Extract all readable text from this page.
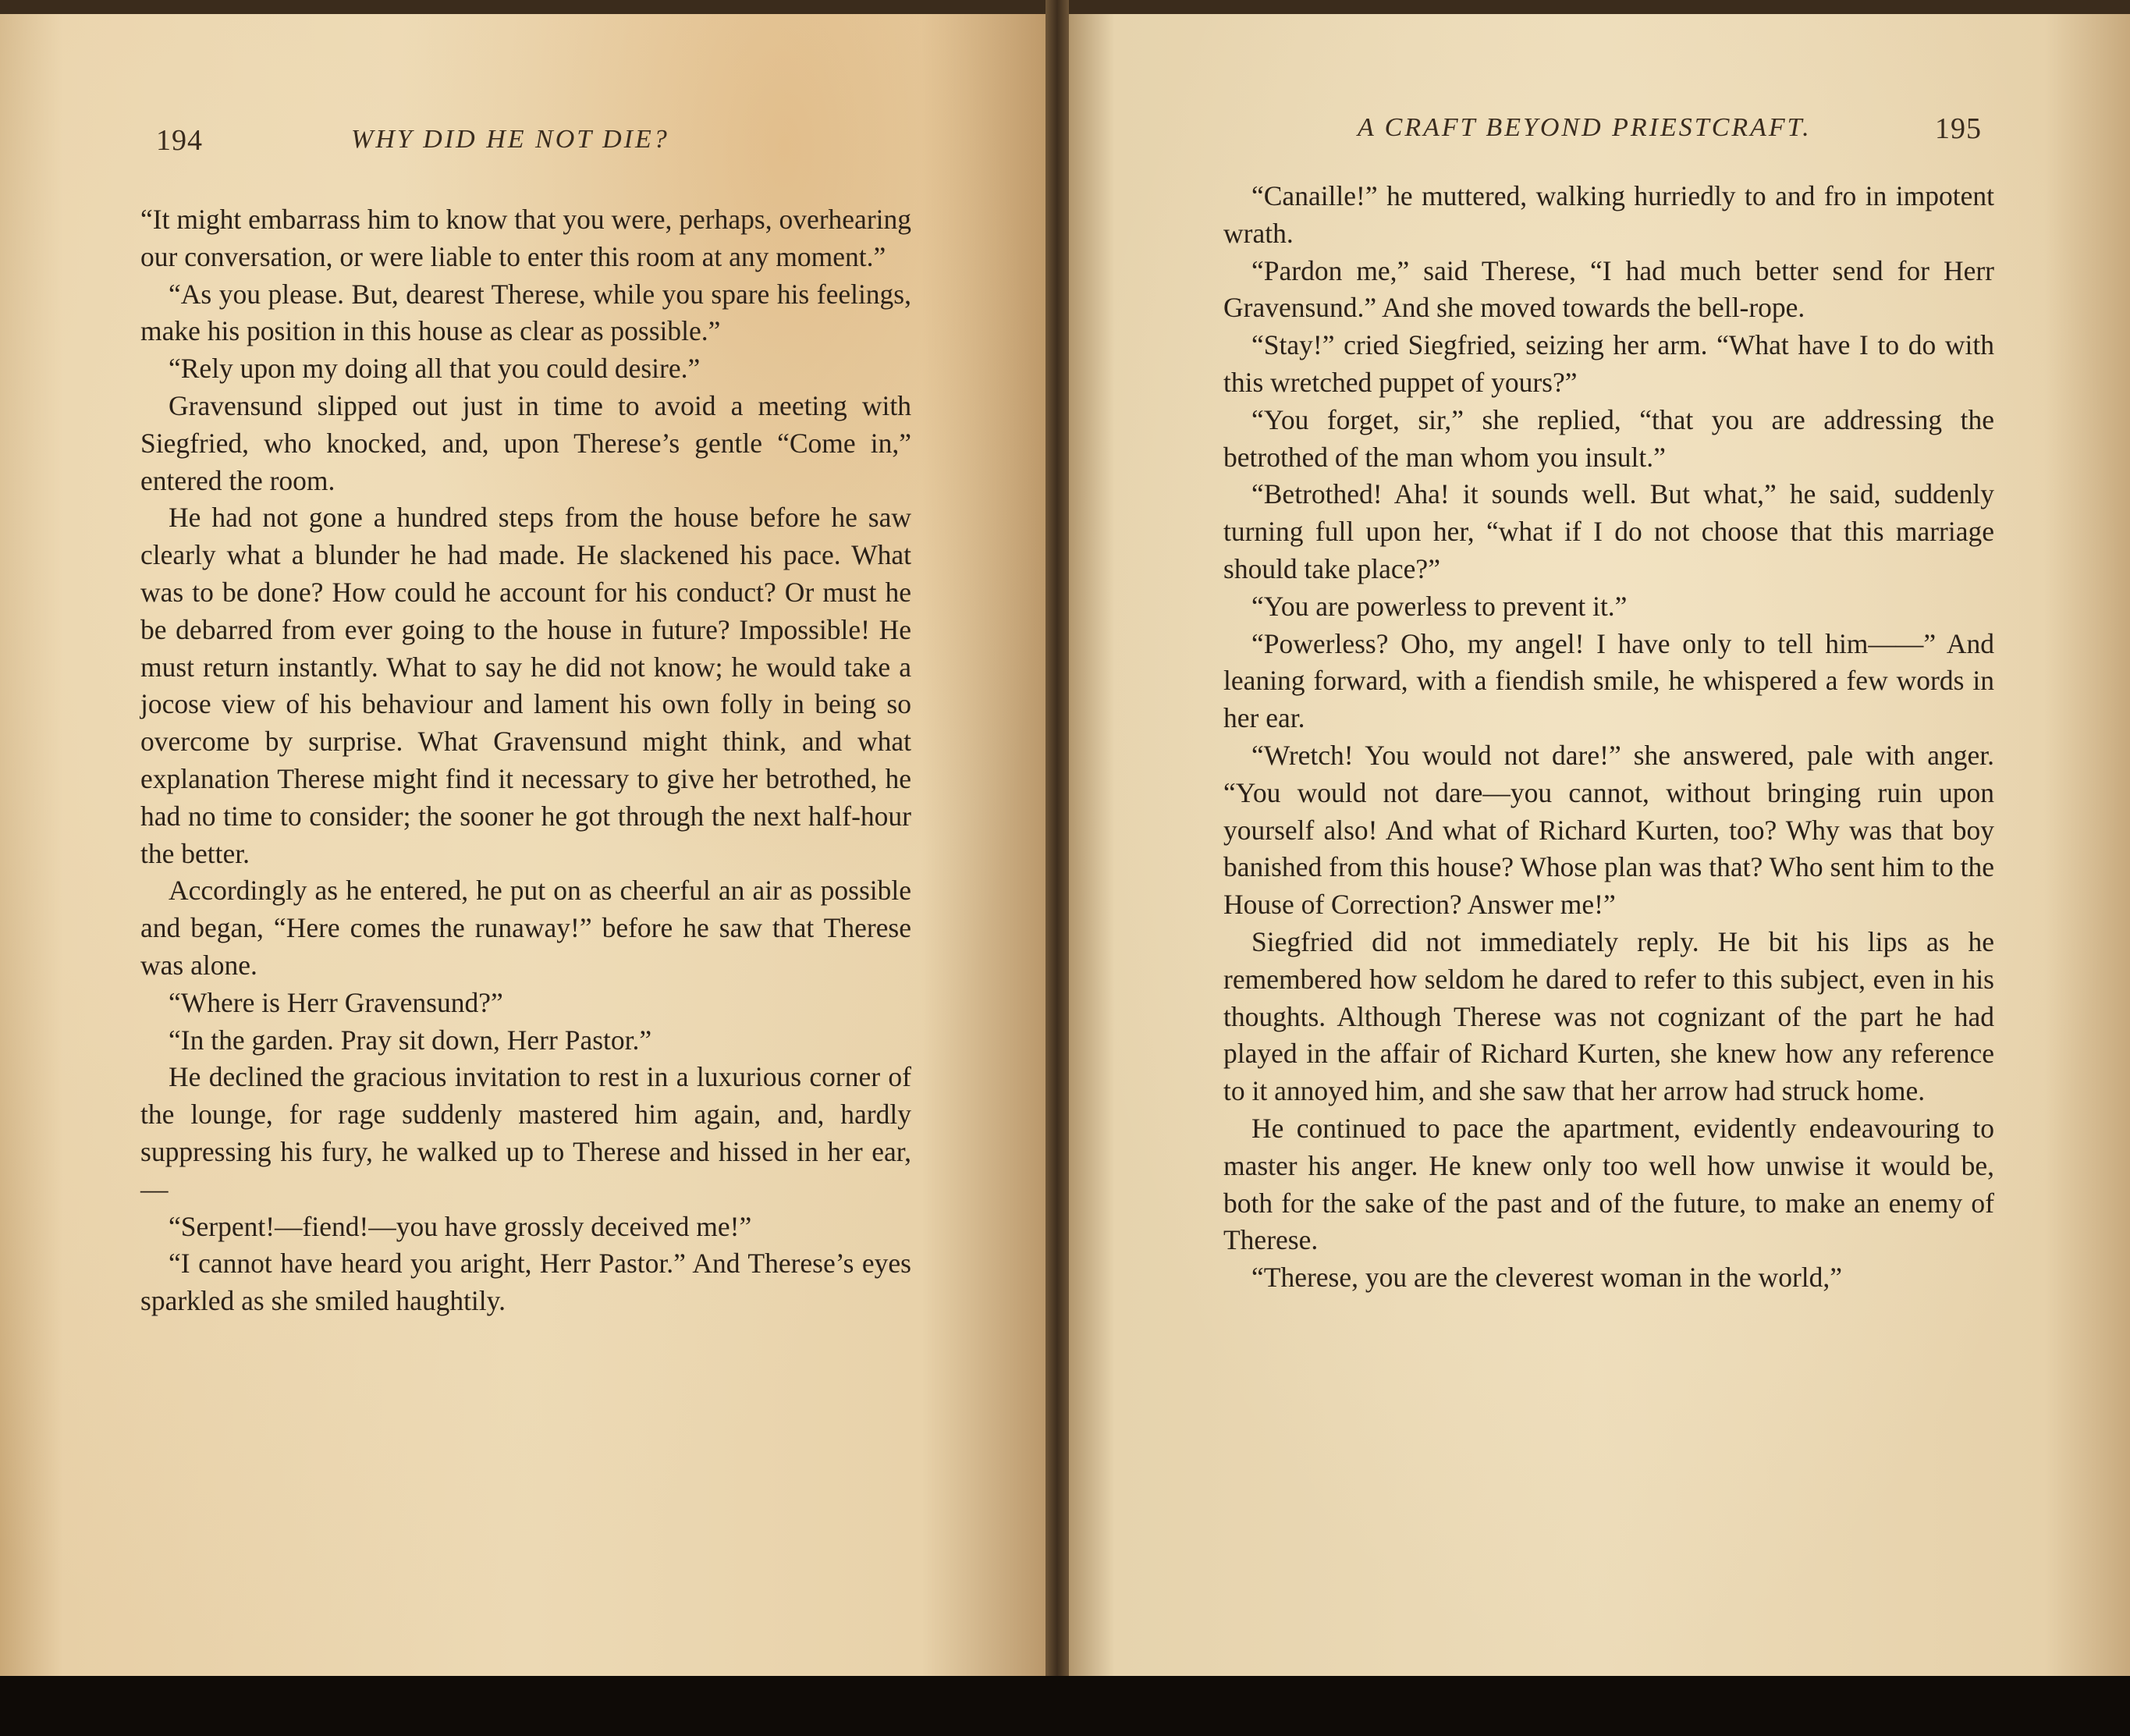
194	WHY DID HE NOT DIE?

“It might embarrass him to know that you were, perhaps, overhearing our conversation, or were liable to enter this room at any moment.”

“As you please. But, dearest Therese, while you spare his feelings, make his position in this house as clear as possible.”

“Rely upon my doing all that you could desire.”

Gravensund slipped out just in time to avoid a meeting with Siegfried, who knocked, and, upon Therese’s gentle “Come in,” entered the room.

He had not gone a hundred steps from the house before he saw clearly what a blunder he had made. He slackened his pace. What was to be done? How could he account for his conduct? Or must he be debarred from ever going to the house in future? Impossible! He must return instantly. What to say he did not know; he would take a jocose view of his behaviour and lament his own folly in being so overcome by surprise. What Gravensund might think, and what explanation Therese might find it necessary to give her betrothed, he had no time to consider; the sooner he got through the next half-hour the better.

Accordingly as he entered, he put on as cheerful an air as possible and began, “Here comes the runaway!” before he saw that Therese was alone.

“Where is Herr Gravensund?”

“In the garden. Pray sit down, Herr Pastor.”

He declined the gracious invitation to rest in a luxurious corner of the lounge, for rage suddenly mastered him again, and, hardly suppressing his fury, he walked up to Therese and hissed in her ear,—

“Serpent!—fiend!—you have grossly deceived me!”

“I cannot have heard you aright, Herr Pastor.” And Therese’s eyes sparkled as she smiled haughtily.

A CRAFT BEYOND PRIESTCRAFT.	195

“Canaille!” he muttered, walking hurriedly to and fro in impotent wrath.

“Pardon me,” said Therese, “I had much better send for Herr Gravensund.” And she moved towards the bell-rope.

“Stay!” cried Siegfried, seizing her arm. “What have I to do with this wretched puppet of yours?”

“You forget, sir,” she replied, “that you are addressing the betrothed of the man whom you insult.”

“Betrothed! Aha! it sounds well. But what,” he said, suddenly turning full upon her, “what if I do not choose that this marriage should take place?”

“You are powerless to prevent it.”

“Powerless? Oho, my angel! I have only to tell him——” And leaning forward, with a fiendish smile, he whispered a few words in her ear.

“Wretch! You would not dare!” she answered, pale with anger. “You would not dare—you cannot, without bringing ruin upon yourself also! And what of Richard Kurten, too? Why was that boy banished from this house? Whose plan was that? Who sent him to the House of Correction? Answer me!”

Siegfried did not immediately reply. He bit his lips as he remembered how seldom he dared to refer to this subject, even in his thoughts. Although Therese was not cognizant of the part he had played in the affair of Richard Kurten, she knew how any reference to it annoyed him, and she saw that her arrow had struck home.

He continued to pace the apartment, evidently endeavouring to master his anger. He knew only too well how unwise it would be, both for the sake of the past and of the future, to make an enemy of Therese.

“Therese, you are the cleverest woman in the world,”
